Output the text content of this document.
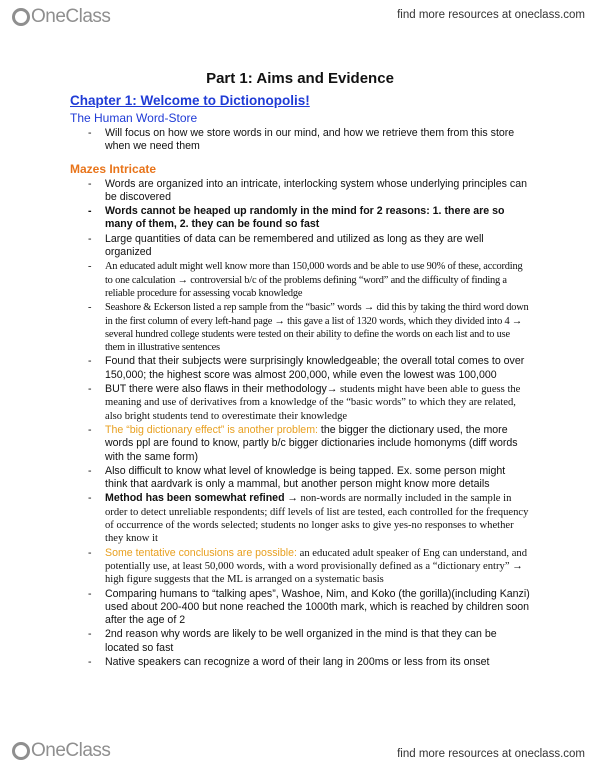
OneClass	find more resources at oneclass.com
Part 1: Aims and Evidence
Chapter 1: Welcome to Dictionopolis!
The Human Word-Store
- Will focus on how we store words in our mind, and how we retrieve them from this store when we need them
Mazes Intricate
- Words are organized into an intricate, interlocking system whose underlying principles can be discovered
- Words cannot be heaped up randomly in the mind for 2 reasons: 1. there are so many of them, 2. they can be found so fast
- Large quantities of data can be remembered and utilized as long as they are well organized
- An educated adult might well know more than 150,000 words and be able to use 90% of these, according to one calculation → controversial b/c of the problems defining “word” and the difficulty of finding a reliable procedure for assessing vocab knowledge
- Seashore & Eckerson listed a rep sample from the “basic” words → did this by taking the third word down in the first column of every left-hand page → this gave a list of 1320 words, which they divided into 4 → several hundred college students were tested on their ability to define the words on each list and to use them in illustrative sentences
- Found that their subjects were surprisingly knowledgeable; the overall total comes to over 150,000; the highest score was almost 200,000, while even the lowest was 100,000
- BUT there were also flaws in their methodology→ students might have been able to guess the meaning and use of derivatives from a knowledge of the “basic words” to which they are related, also bright students tend to overestimate their knowledge
- The “big dictionary effect” is another problem: the bigger the dictionary used, the more words ppl are found to know, partly b/c bigger dictionaries include homonyms (diff words with the same form)
- Also difficult to know what level of knowledge is being tapped. Ex. some person might think that aardvark is only a mammal, but another person might know more details
- Method has been somewhat refined → non-words are normally included in the sample in order to detect unreliable respondents; diff levels of list are tested, each controlled for the frequency of occurrence of the words selected; students no longer asks to give yes-no responses to whether they know it
- Some tentative conclusions are possible: an educated adult speaker of Eng can understand, and potentially use, at least 50,000 words, with a word provisionally defined as a “dictionary entry” → high figure suggests that the ML is arranged on a systematic basis
- Comparing humans to “talking apes”, Washoe, Nim, and Koko (the gorilla)(including Kanzi) used about 200-400 but none reached the 1000th mark, which is reached by children soon after the age of 2
- 2nd reason why words are likely to be well organized in the mind is that they can be located so fast
- Native speakers can recognize a word of their lang in 200ms or less from its onset
OneClass	find more resources at oneclass.com
